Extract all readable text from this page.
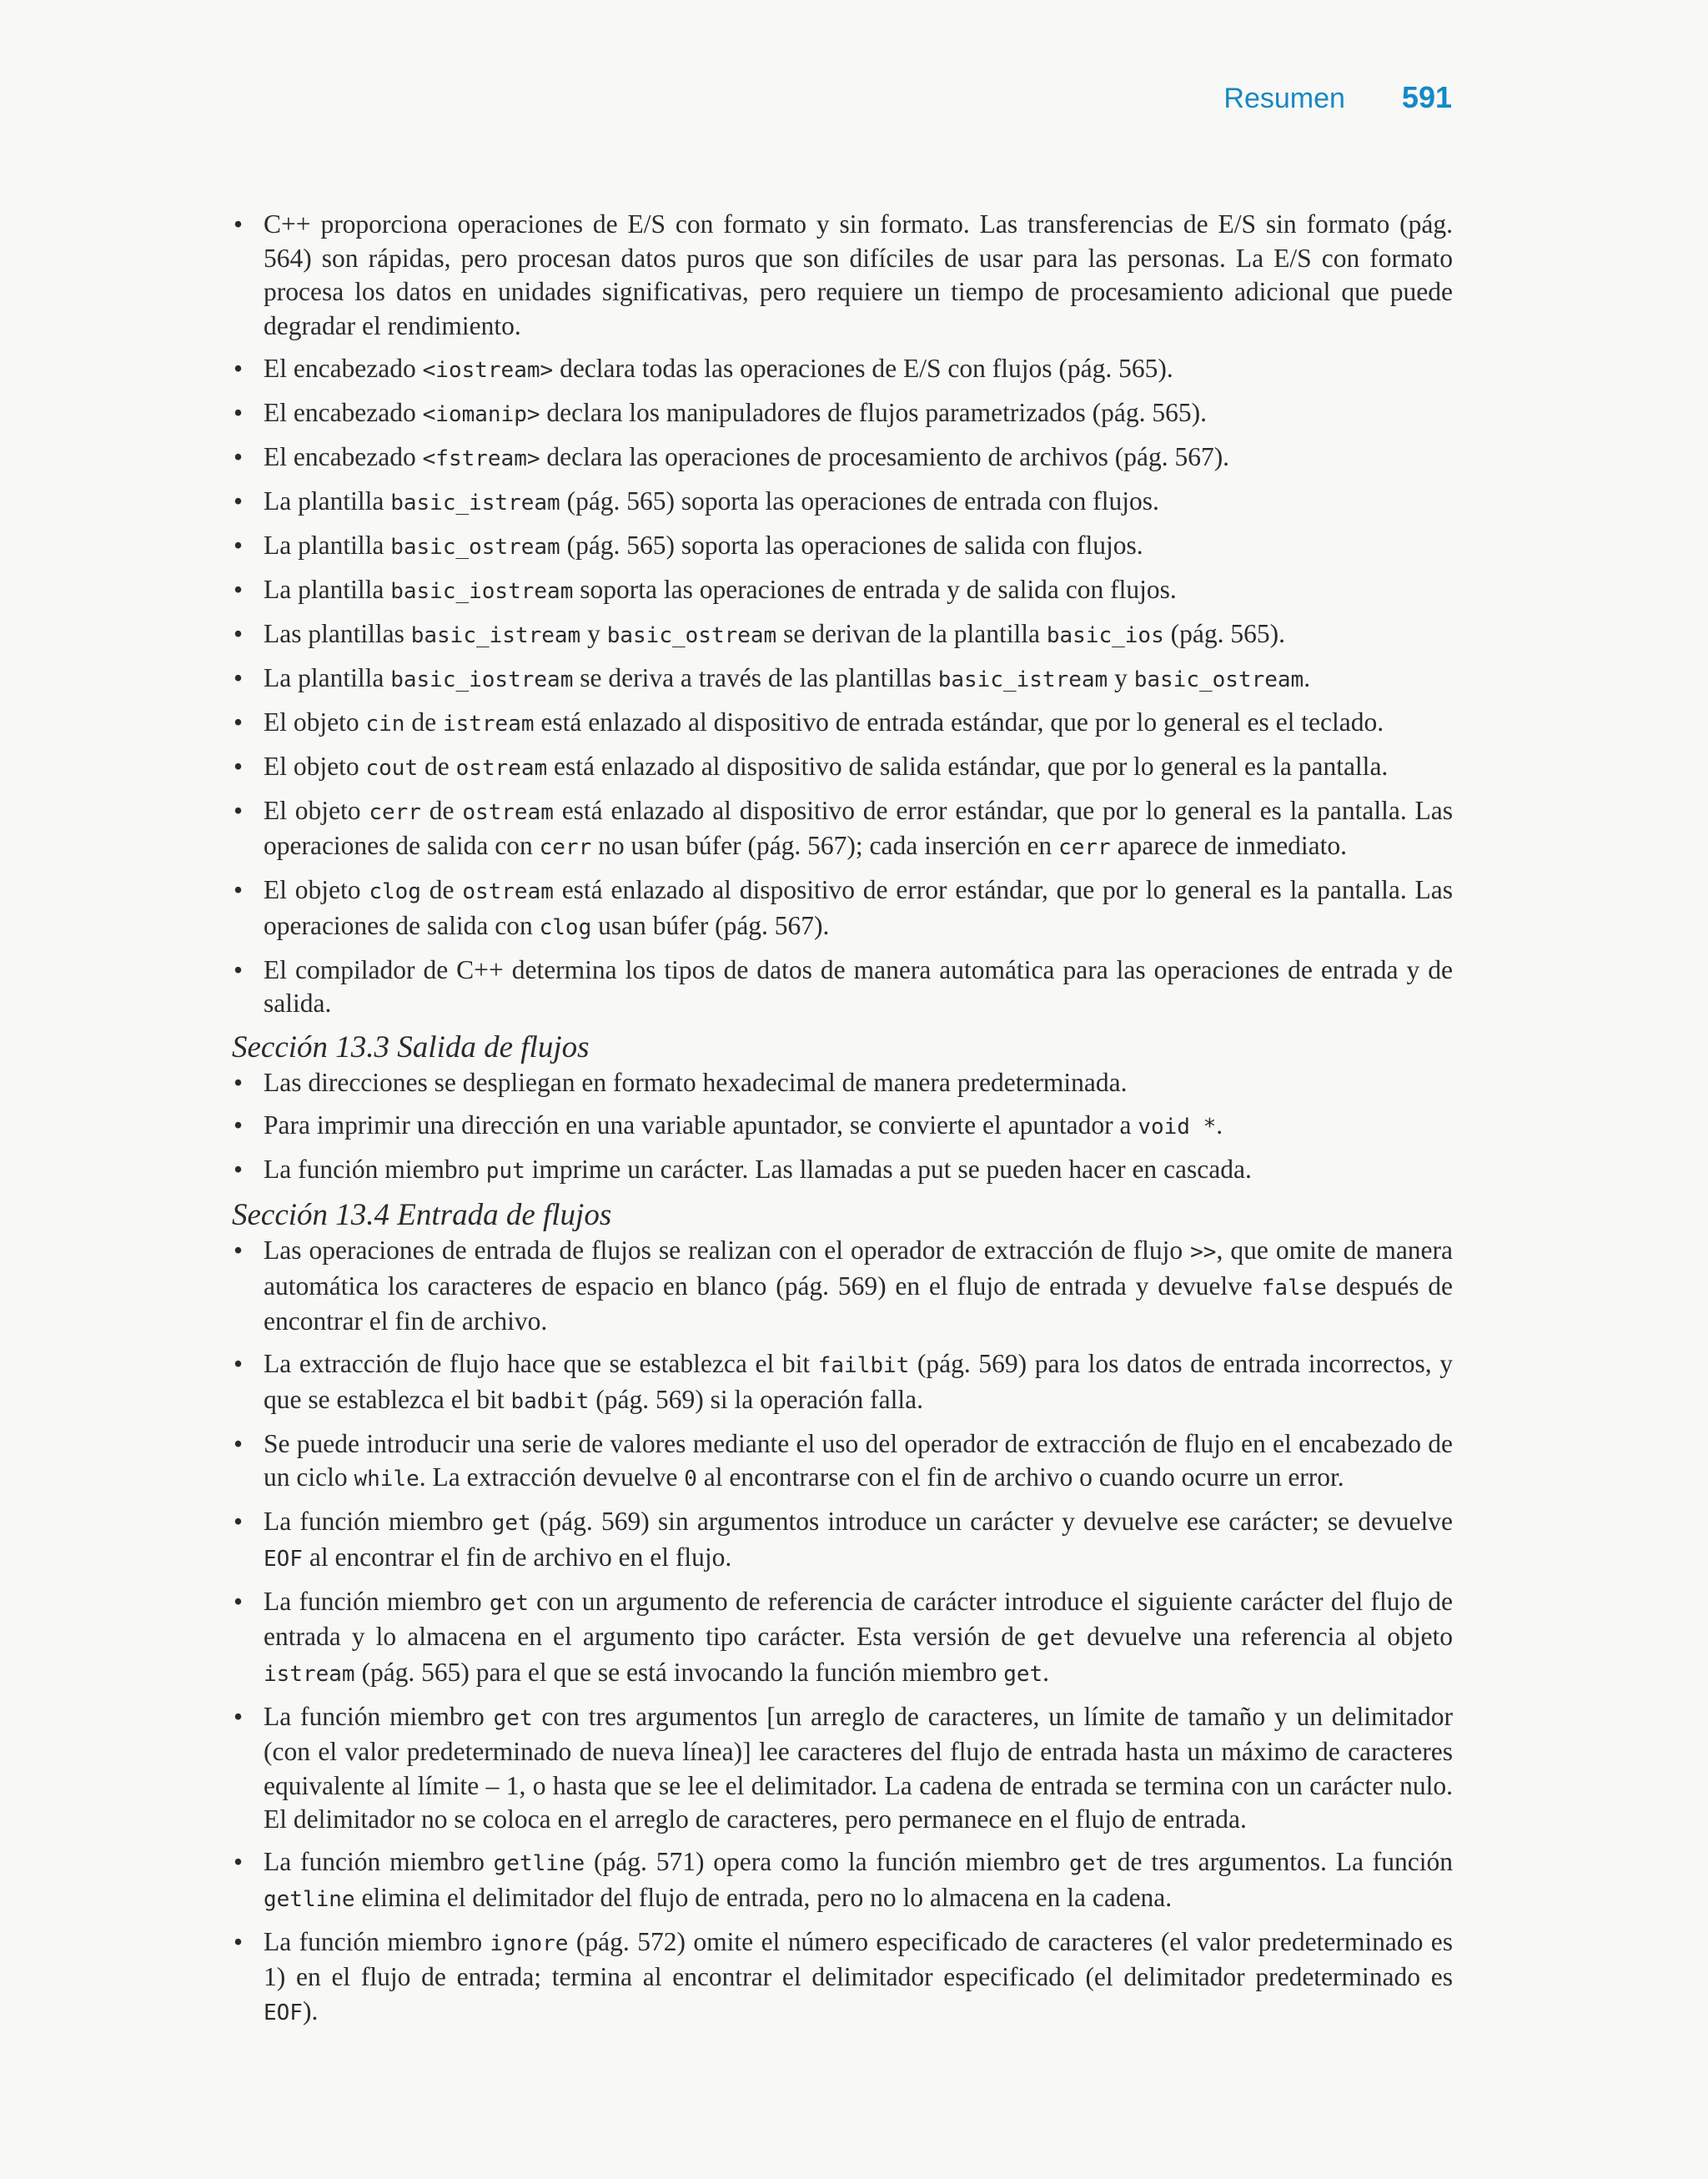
Resumen 591
• C++ proporciona operaciones de E/S con formato y sin formato. Las transferencias de E/S sin formato (pág. 564) son rápidas, pero procesan datos puros que son difíciles de usar para las personas. La E/S con formato procesa los datos en unidades significativas, pero requiere un tiempo de procesamiento adicional que puede degradar el rendimiento.
• El encabezado <iostream> declara todas las operaciones de E/S con flujos (pág. 565).
• El encabezado <iomanip> declara los manipuladores de flujos parametrizados (pág. 565).
• El encabezado <fstream> declara las operaciones de procesamiento de archivos (pág. 567).
• La plantilla basic_istream (pág. 565) soporta las operaciones de entrada con flujos.
• La plantilla basic_ostream (pág. 565) soporta las operaciones de salida con flujos.
• La plantilla basic_iostream soporta las operaciones de entrada y de salida con flujos.
• Las plantillas basic_istream y basic_ostream se derivan de la plantilla basic_ios (pág. 565).
• La plantilla basic_iostream se deriva a través de las plantillas basic_istream y basic_ostream.
• El objeto cin de istream está enlazado al dispositivo de entrada estándar, que por lo general es el teclado.
• El objeto cout de ostream está enlazado al dispositivo de salida estándar, que por lo general es la pantalla.
• El objeto cerr de ostream está enlazado al dispositivo de error estándar, que por lo general es la pantalla. Las operaciones de salida con cerr no usan búfer (pág. 567); cada inserción en cerr aparece de inmediato.
• El objeto clog de ostream está enlazado al dispositivo de error estándar, que por lo general es la pantalla. Las operaciones de salida con clog usan búfer (pág. 567).
• El compilador de C++ determina los tipos de datos de manera automática para las operaciones de entrada y de salida.
Sección 13.3 Salida de flujos
• Las direcciones se despliegan en formato hexadecimal de manera predeterminada.
• Para imprimir una dirección en una variable apuntador, se convierte el apuntador a void *.
• La función miembro put imprime un carácter. Las llamadas a put se pueden hacer en cascada.
Sección 13.4 Entrada de flujos
• Las operaciones de entrada de flujos se realizan con el operador de extracción de flujo >>, que omite de manera automática los caracteres de espacio en blanco (pág. 569) en el flujo de entrada y devuelve false después de encontrar el fin de archivo.
• La extracción de flujo hace que se establezca el bit failbit (pág. 569) para los datos de entrada incorrectos, y que se establezca el bit badbit (pág. 569) si la operación falla.
• Se puede introducir una serie de valores mediante el uso del operador de extracción de flujo en el encabezado de un ciclo while. La extracción devuelve 0 al encontrarse con el fin de archivo o cuando ocurre un error.
• La función miembro get (pág. 569) sin argumentos introduce un carácter y devuelve ese carácter; se devuelve EOF al encontrar el fin de archivo en el flujo.
• La función miembro get con un argumento de referencia de carácter introduce el siguiente carácter del flujo de entrada y lo almacena en el argumento tipo carácter. Esta versión de get devuelve una referencia al objeto istream (pág. 565) para el que se está invocando la función miembro get.
• La función miembro get con tres argumentos [un arreglo de caracteres, un límite de tamaño y un delimitador (con el valor predeterminado de nueva línea)] lee caracteres del flujo de entrada hasta un máximo de caracteres equivalente al límite – 1, o hasta que se lee el delimitador. La cadena de entrada se termina con un carácter nulo. El delimitador no se coloca en el arreglo de caracteres, pero permanece en el flujo de entrada.
• La función miembro getline (pág. 571) opera como la función miembro get de tres argumentos. La función getline elimina el delimitador del flujo de entrada, pero no lo almacena en la cadena.
• La función miembro ignore (pág. 572) omite el número especificado de caracteres (el valor predeterminado es 1) en el flujo de entrada; termina al encontrar el delimitador especificado (el delimitador predeterminado es EOF).
